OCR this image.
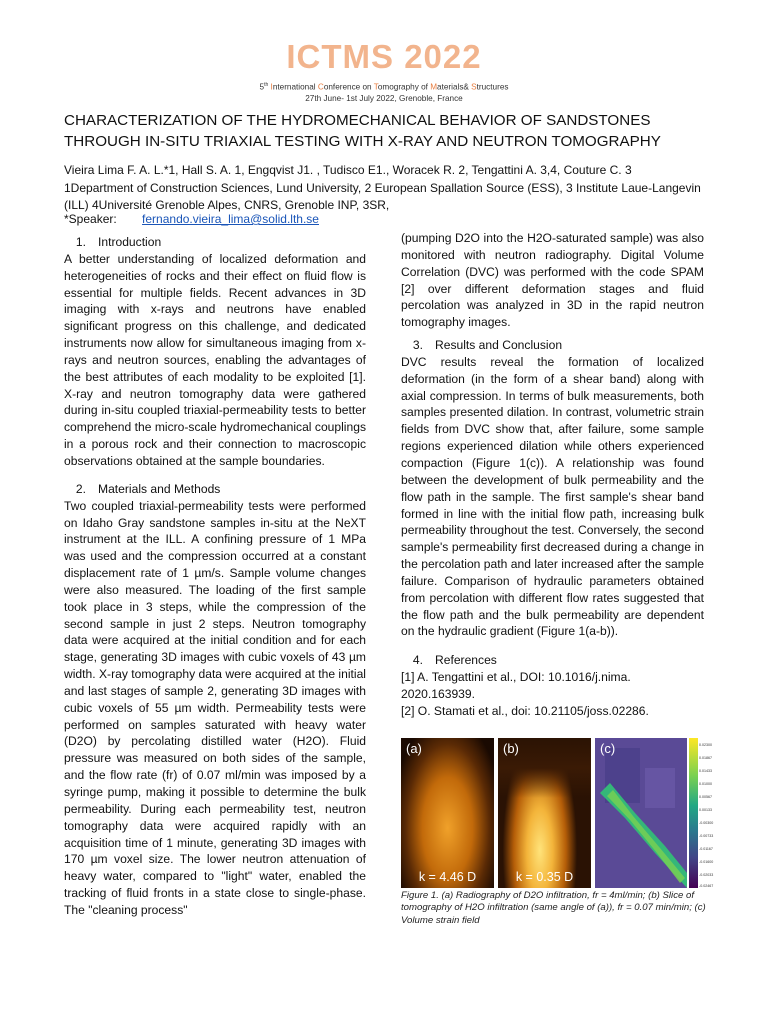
ICTMS 2022
5th International Conference on Tomography of Materials& Structures
27th June- 1st July 2022, Grenoble, France
CHARACTERIZATION OF THE HYDROMECHANICAL BEHAVIOR OF SANDSTONES THROUGH IN-SITU TRIAXIAL TESTING WITH X-RAY AND NEUTRON TOMOGRAPHY
Vieira Lima F. A. L.*1, Hall S. A. 1, Engqvist J1. , Tudisco E1., Woracek R. 2, Tengattini A. 3,4, Couture C. 3
1Department of Construction Sciences, Lund University, 2 European Spallation Source (ESS), 3 Institute Laue-Langevin (ILL) 4Université Grenoble Alpes, CNRS, Grenoble INP, 3SR,
*Speaker: fernando.vieira_lima@solid.lth.se

1. Introduction

A better understanding of localized deformation and heterogeneities of rocks and their effect on fluid flow is essential for multiple fields. Recent advances in 3D imaging with x-rays and neutrons have enabled significant progress on this challenge, and dedicated instruments now allow for simultaneous imaging from x-rays and neutron sources, enabling the advantages of the best attributes of each modality to be exploited [1]. X-ray and neutron tomography data were gathered during in-situ coupled triaxial-permeability tests to better comprehend the micro-scale hydromechanical couplings in a porous rock and their connection to macroscopic observations obtained at the sample boundaries.

2. Materials and Methods

Two coupled triaxial-permeability tests were performed on Idaho Gray sandstone samples in-situ at the NeXT instrument at the ILL. A confining pressure of 1 MPa was used and the compression occurred at a constant displacement rate of 1 µm/s. Sample volume changes were also measured. The loading of the first sample took place in 3 steps, while the compression of the second sample in just 2 steps. Neutron tomography data were acquired at the initial condition and for each stage, generating 3D images with cubic voxels of 43 µm width. X-ray tomography data were acquired at the initial and last stages of sample 2, generating 3D images with cubic voxels of 55 µm width. Permeability tests were performed on samples saturated with heavy water (D2O) by percolating distilled water (H2O). Fluid pressure was measured on both sides of the sample, and the flow rate (fr) of 0.07 ml/min was imposed by a syringe pump, making it possible to determine the bulk permeability. During each permeability test, neutron tomography data were acquired rapidly with an acquisition time of 1 minute, generating 3D images with 170 µm voxel size. The lower neutron attenuation of heavy water, compared to "light" water, enabled the tracking of fluid fronts in a state close to single-phase. The "cleaning process"

(pumping D2O into the H2O-saturated sample) was also monitored with neutron radiography. Digital Volume Correlation (DVC) was performed with the code SPAM [2] over different deformation stages and fluid percolation was analyzed in 3D in the rapid neutron tomography images.

3. Results and Conclusion

DVC results reveal the formation of localized deformation (in the form of a shear band) along with axial compression. In terms of bulk measurements, both samples presented dilation. In contrast, volumetric strain fields from DVC show that, after failure, some sample regions experienced dilation while others experienced compaction (Figure 1(c)). A relationship was found between the development of bulk permeability and the flow path in the sample. The first sample's shear band formed in line with the initial flow path, increasing bulk permeability throughout the test. Conversely, the second sample's permeability first decreased during a change in the percolation path and later increased after the sample failure. Comparison of hydraulic parameters obtained from percolation with different flow rates suggested that the flow path and the bulk permeability are dependent on the hydraulic gradient (Figure 1(a-b)).

4. References

[1] A. Tengattini et al., DOI: 10.1016/j.nima. 2020.163939.

[2] O. Stamati et al., doi: 10.21105/joss.02286.

(a)
k = 4.46 D
(b)
k = 0.35 D
(c)	0.02300
0.01867
0.01433
0.01000
0.00567
0.00133
-0.00300
-0.00733
-0.01167
-0.01600
-0.02033
-0.02467
Figure 1. (a) Radiography of D2O infiltration, fr = 4ml/min; (b) Slice of tomography of H2O infiltration (same angle of (a)), fr = 0.07 min/min; (c) Volume strain field
